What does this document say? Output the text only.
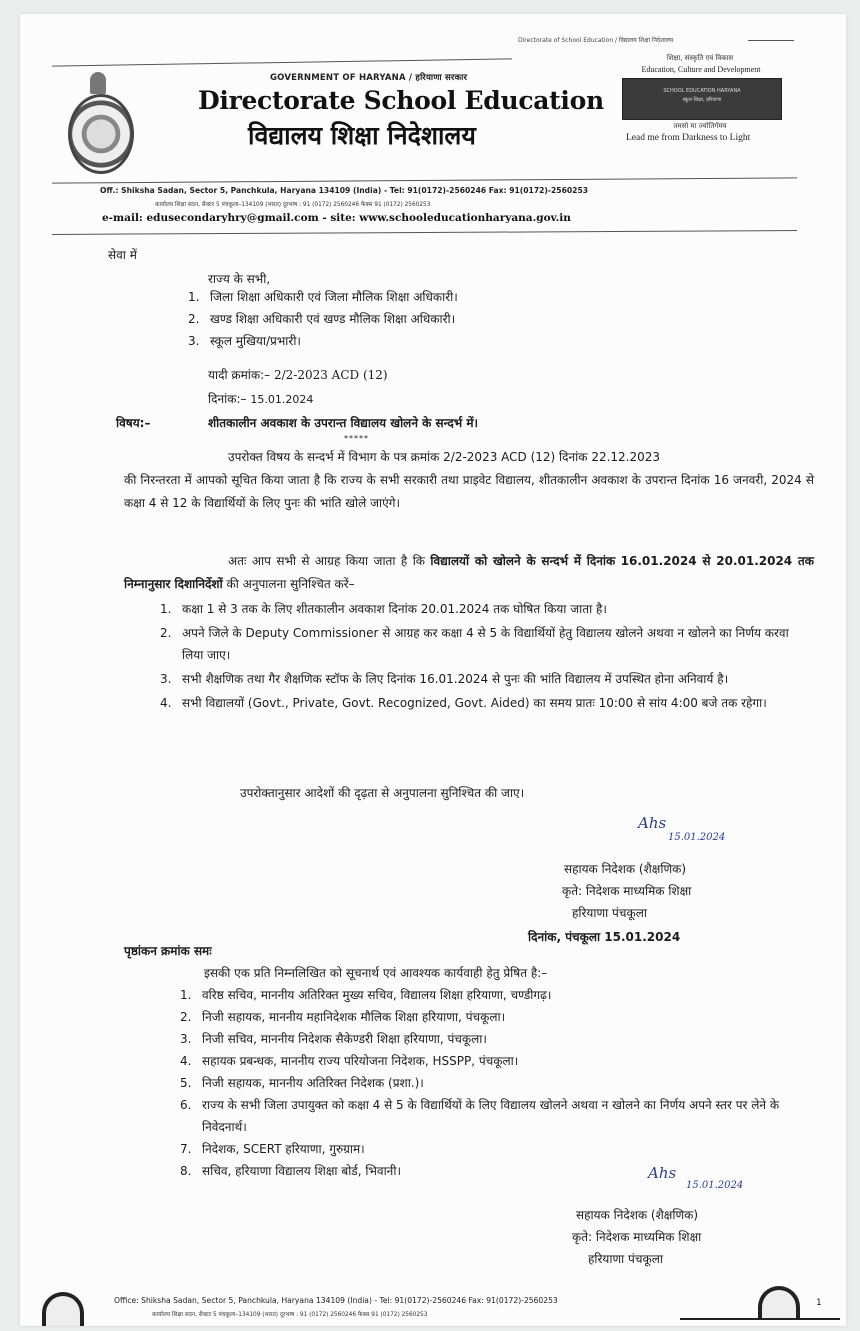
Directorate of School Education / विद्यालय शिक्षा निदेशालय
GOVERNMENT OF HARYANA / हरियाणा सरकार
Directorate School Education
विद्यालय शिक्षा निदेशालय
शिक्षा, संस्कृति एवं विकास
Education, Culture and Development
SCHOOL EDUCATION HARYANA
स्कूल शिक्षा, हरियाणा
तमसो मा ज्योतिर्गमय
Lead me from Darkness to Light
Off.: Shiksha Sadan, Sector 5, Panchkula, Haryana 134109 (India) - Tel: 91(0172)-2560246 Fax: 91(0172)-2560253
कार्यालय शिक्षा सदन, सैक्टर 5 पंचकूला–134109 (भारत) दूरभाष : 91 (0172) 2560246 फैक्स 91 (0172) 2560253
e-mail: edusecondaryhry@gmail.com - site: www.schooleducationharyana.gov.in
सेवा में
राज्य के सभी,
1. जिला शिक्षा अधिकारी एवं जिला मौलिक शिक्षा अधिकारी।
2. खण्ड शिक्षा अधिकारी एवं खण्ड मौलिक शिक्षा अधिकारी।
3. स्कूल मुखिया/प्रभारी।
यादी क्रमांक:– 2/2-2023 ACD (12)
दिनांक:– 15.01.2024
विषय:–	शीतकालीन अवकाश के उपरान्त विद्यालय खोलने के सन्दर्भ में।
*****
उपरोक्त विषय के सन्दर्भ में विभाग के पत्र क्रमांक 2/2-2023 ACD (12) दिनांक 22.12.2023
की निरन्तरता में आपको सूचित किया जाता है कि राज्य के सभी सरकारी तथा प्राइवेट विद्यालय, शीतकालीन अवकाश के उपरान्त दिनांक 16 जनवरी, 2024 से कक्षा 4 से 12 के विद्यार्थियों के लिए पुनः की भांति खोले जाएंगे।
अतः आप सभी से आग्रह किया जाता है कि विद्यालयों को खोलने के सन्दर्भ में दिनांक 16.01.2024 से 20.01.2024 तक निम्नानुसार दिशानिर्देशों की अनुपालना सुनिश्चित करें–
1. कक्षा 1 से 3 तक के लिए शीतकालीन अवकाश दिनांक 20.01.2024 तक घोषित किया जाता है।
2. अपने जिले के Deputy Commissioner से आग्रह कर कक्षा 4 से 5 के विद्यार्थियों हेतु विद्यालय खोलने अथवा न खोलने का निर्णय करवा लिया जाए।
3. सभी शैक्षणिक तथा गैर शैक्षणिक स्टॉफ के लिए दिनांक 16.01.2024 से पुनः की भांति विद्यालय में उपस्थित होना अनिवार्य है।
4. सभी विद्यालयों (Govt., Private, Govt. Recognized, Govt. Aided) का समय प्रातः 10:00 से सांय 4:00 बजे तक रहेगा।
उपरोक्तानुसार आदेशों की दृढ़ता से अनुपालना सुनिश्चित की जाए।
Ahs
15.01.2024
सहायक निदेशक (शैक्षणिक)
कृते: निदेशक माध्यमिक शिक्षा
हरियाणा पंचकूला
दिनांक, पंचकूला 15.01.2024
पृष्ठांकन क्रमांक समः
इसकी एक प्रति निम्नलिखित को सूचनार्थ एवं आवश्यक कार्यवाही हेतु प्रेषित है:–
1. वरिष्ठ सचिव, माननीय अतिरिक्त मुख्य सचिव, विद्यालय शिक्षा हरियाणा, चण्डीगढ़।
2. निजी सहायक, माननीय महानिदेशक मौलिक शिक्षा हरियाणा, पंचकूला।
3. निजी सचिव, माननीय निदेशक सैकेण्डरी शिक्षा हरियाणा, पंचकूला।
4. सहायक प्रबन्धक, माननीय राज्य परियोजना निदेशक, HSSPP, पंचकूला।
5. निजी सहायक, माननीय अतिरिक्त निदेशक (प्रशा.)।
6. राज्य के सभी जिला उपायुक्त को कक्षा 4 से 5 के विद्यार्थियों के लिए विद्यालय खोलने अथवा न खोलने का निर्णय अपने स्तर पर लेने के निवेदनार्थ।
7. निदेशक, SCERT हरियाणा, गुरुग्राम।
8. सचिव, हरियाणा विद्यालय शिक्षा बोर्ड, भिवानी।	Ahs
15.01.2024
सहायक निदेशक (शैक्षणिक)
कृते: निदेशक माध्यमिक शिक्षा
हरियाणा पंचकूला
Office: Shiksha Sadan, Sector 5, Panchkula, Haryana 134109 (India) - Tel: 91(0172)-2560246 Fax: 91(0172)-2560253
कार्यालय शिक्षा सदन, सैक्टर 5 पंचकूला–134109 (भारत) दूरभाष : 91 (0172) 2560246 फैक्स 91 (0172) 2560253
1
